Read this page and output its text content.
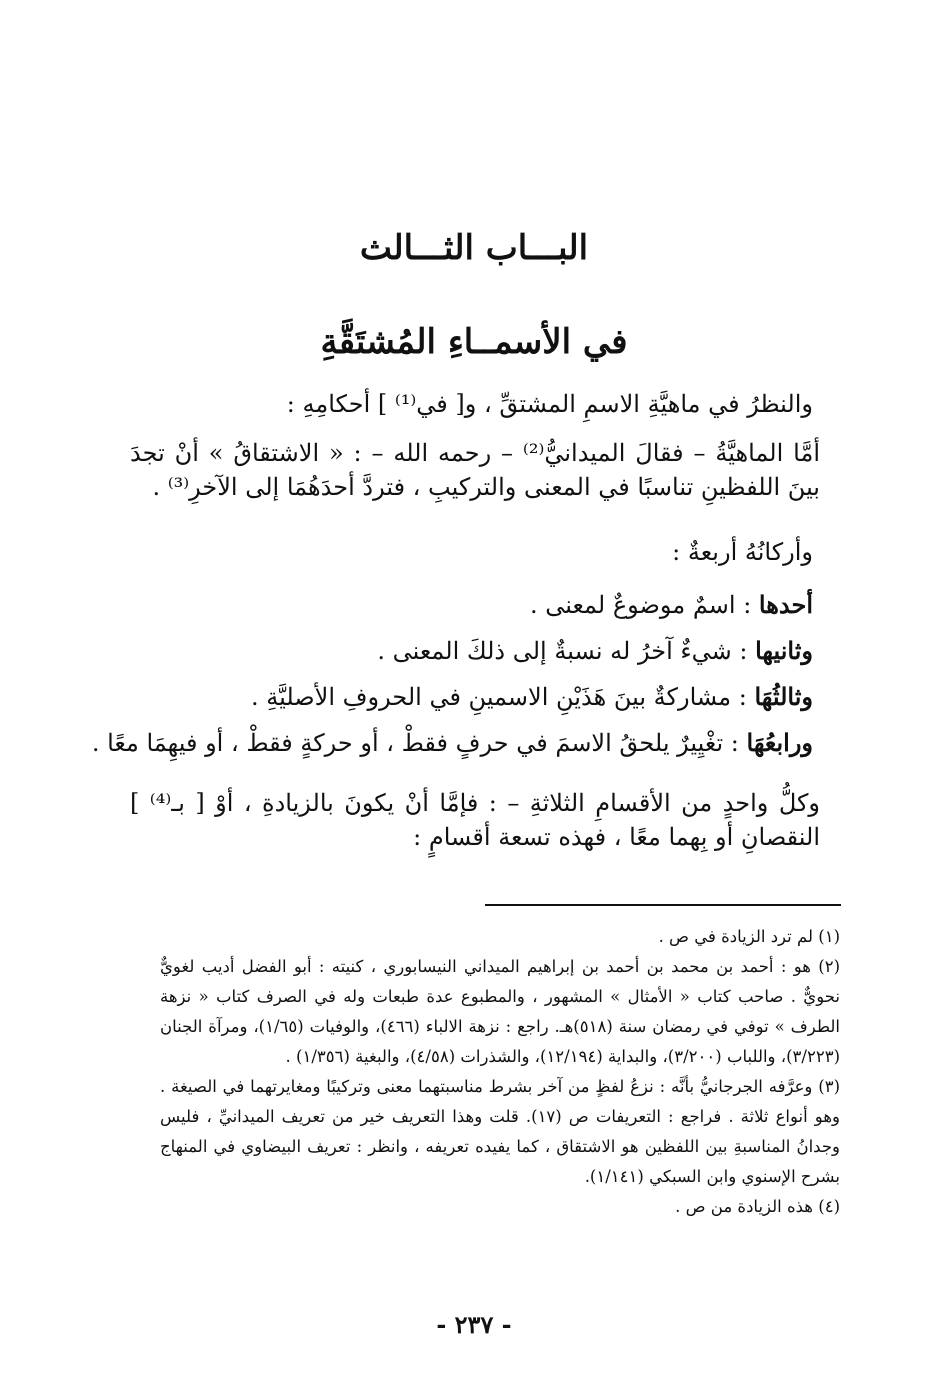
البـــاب الثـــالث
في الأسمــاءِ المُشتَقَّةِ
والنظرُ في ماهيَّةِ الاسمِ المشتقِّ ، و[ في⁽¹⁾ ] أحكامِهِ :
أمَّا الماهيَّةُ – فقالَ الميدانيُّ⁽²⁾ – رحمه الله – : « الاشتقاقُ » أنْ تجدَ بينَ اللفظينِ تناسبًا في المعنى والتركيبِ ، فتردَّ أحدَهُمَا إلى الآخرِ⁽³⁾ .
وأركانُهُ أربعةٌ :
أحدها : اسمٌ موضوعٌ لمعنى .
وثانيها : شيءٌ آخرُ له نسبةٌ إلى ذلكَ المعنى .
وثالثُهَا : مشاركةٌ بينَ هَذَيْنِ الاسمينِ في الحروفِ الأصليَّةِ .
ورابعُهَا : تغْيِيرٌ يلحقُ الاسمَ في حرفٍ فقطْ ، أو حركةٍ فقطْ ، أو فيهِمَا معًا .
وكلُّ واحدٍ من الأقسامِ الثلاثةِ – : فإمَّا أنْ يكونَ بالزيادةِ ، أوْ [ بـ⁽⁴⁾ ] النقصانِ أو بِهما معًا ، فهذه تسعة أقسامٍ :

(١) لم ترد الزيادة في ص .

(٢) هو : أحمد بن محمد بن أحمد بن إبراهيم الميداني النيسابوري ، كنيته : أبو الفضل أديب لغويٌّ نحويٌّ . صاحب كتاب « الأمثال » المشهور ، والمطبوع عدة طبعات وله في الصرف كتاب « نزهة الطرف » توفي في رمضان سنة (٥١٨)هـ. راجع : نزهة الالباء (٤٦٦)، والوفيات (١/٦٥)، ومرآة الجنان (٣/٢٢٣)، واللباب (٣/٢٠٠)، والبداية (١٢/١٩٤)، والشذرات (٤/٥٨)، والبغية (١/٣٥٦) .

(٣) وعرَّفه الجرجانيُّ بأنَّه : نزعُ لفظٍ من آخر بشرط مناسبتهما معنى وتركيبًا ومغايرتهما في الصيغة . وهو أنواع ثلاثة . فراجع : التعريفات ص (١٧). قلت وهذا التعريف خير من تعريف الميدانيِّ ، فليس وجدانُ المناسبةِ بين اللفظين هو الاشتقاق ، كما يفيده تعريفه ، وانظر : تعريف البيضاوي في المنهاج بشرح الإسنوي وابن السبكي (١/١٤١).

(٤) هذه الزيادة من ص .

- ٢٣٧ -
